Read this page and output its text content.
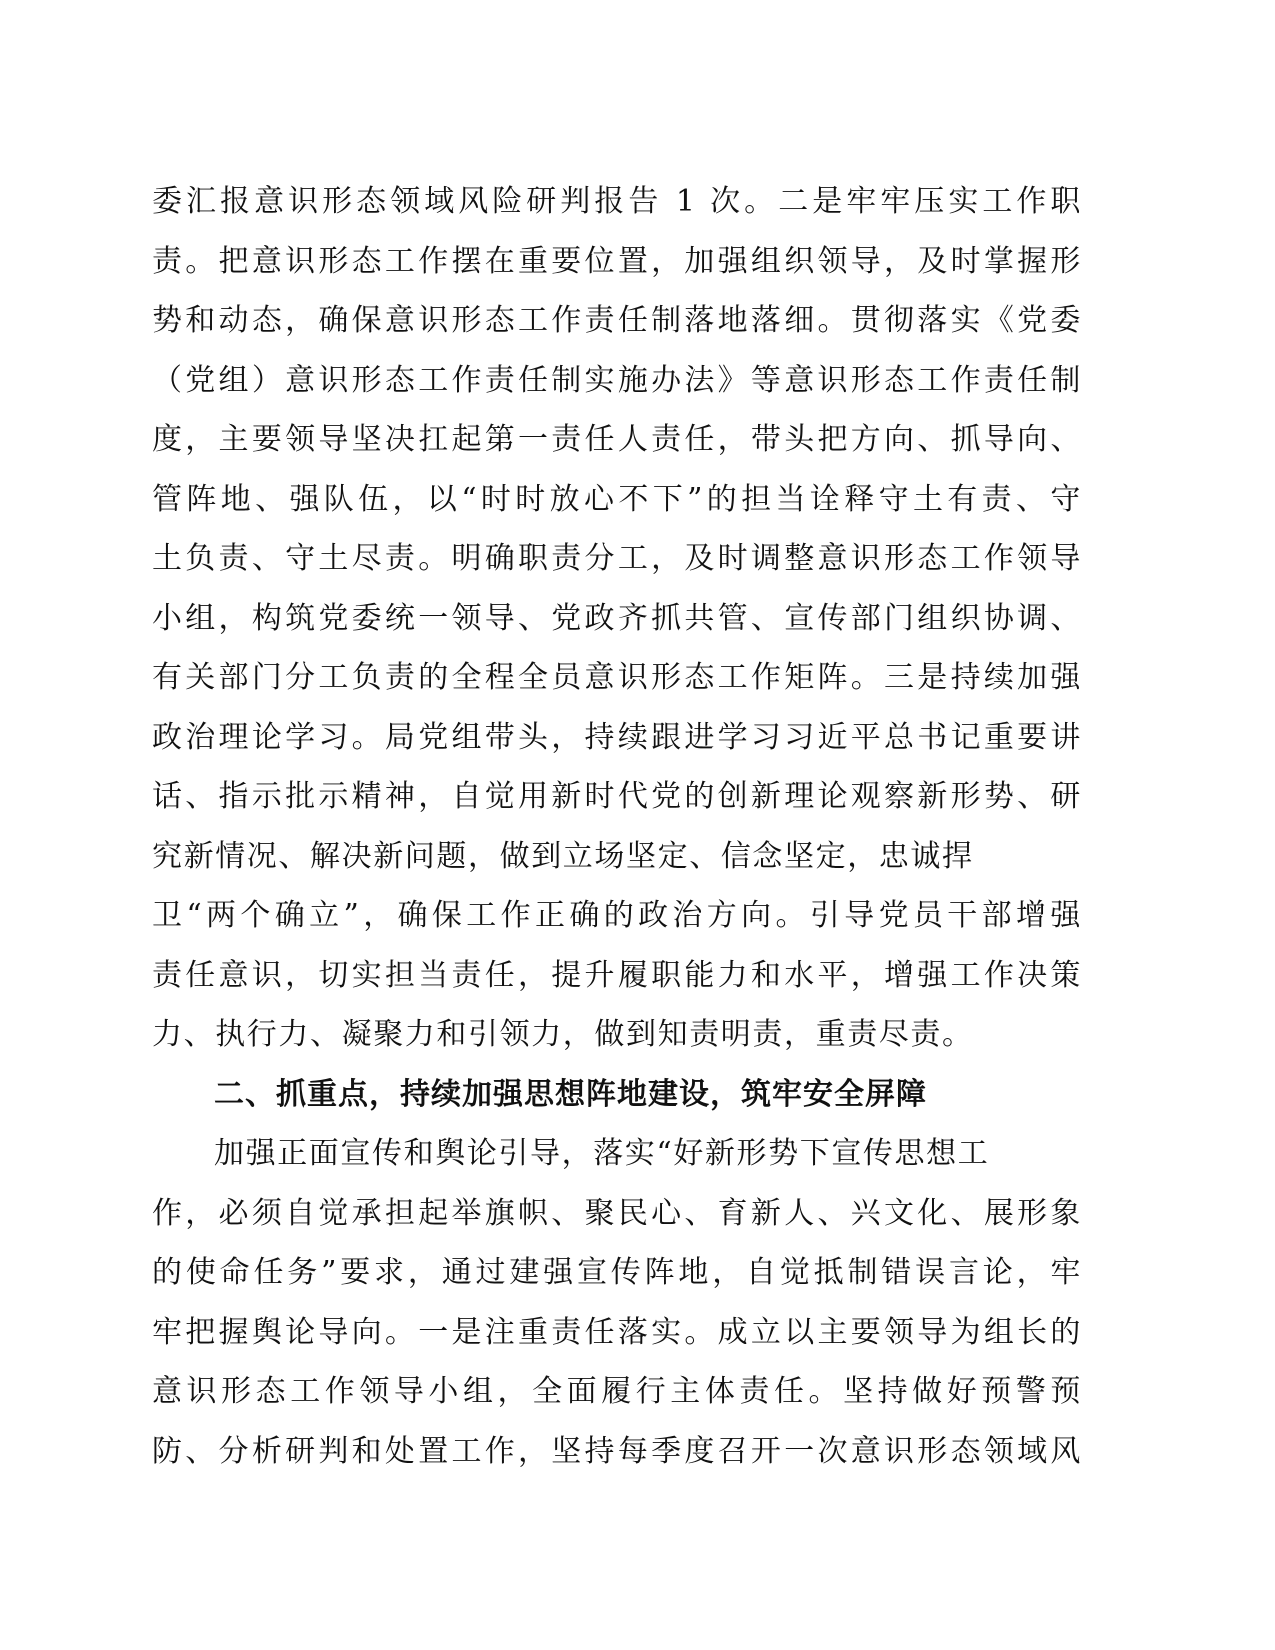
委汇报意识形态领域风险研判报告 1 次。二是牢牢压实工作职
责。把意识形态工作摆在重要位置，加强组织领导，及时掌握形
势和动态，确保意识形态工作责任制落地落细。贯彻落实《党委
（党组）意识形态工作责任制实施办法》等意识形态工作责任制
度，主要领导坚决扛起第一责任人责任，带头把方向、抓导向、
管阵地、强队伍，以“时时放心不下”的担当诠释守土有责、守
土负责、守土尽责。明确职责分工，及时调整意识形态工作领导
小组，构筑党委统一领导、党政齐抓共管、宣传部门组织协调、
有关部门分工负责的全程全员意识形态工作矩阵。三是持续加强
政治理论学习。局党组带头，持续跟进学习习近平总书记重要讲
话、指示批示精神，自觉用新时代党的创新理论观察新形势、研
究新情况、解决新问题，做到立场坚定、信念坚定，忠诚捍
卫“两个确立”，确保工作正确的政治方向。引导党员干部增强
责任意识，切实担当责任，提升履职能力和水平，增强工作决策
力、执行力、凝聚力和引领力，做到知责明责，重责尽责。
二、抓重点，持续加强思想阵地建设，筑牢安全屏障
加强正面宣传和舆论引导，落实“好新形势下宣传思想工
作，必须自觉承担起举旗帜、聚民心、育新人、兴文化、展形象
的使命任务”要求，通过建强宣传阵地，自觉抵制错误言论，牢
牢把握舆论导向。一是注重责任落实。成立以主要领导为组长的
意识形态工作领导小组，全面履行主体责任。坚持做好预警预
防、分析研判和处置工作，坚持每季度召开一次意识形态领域风
